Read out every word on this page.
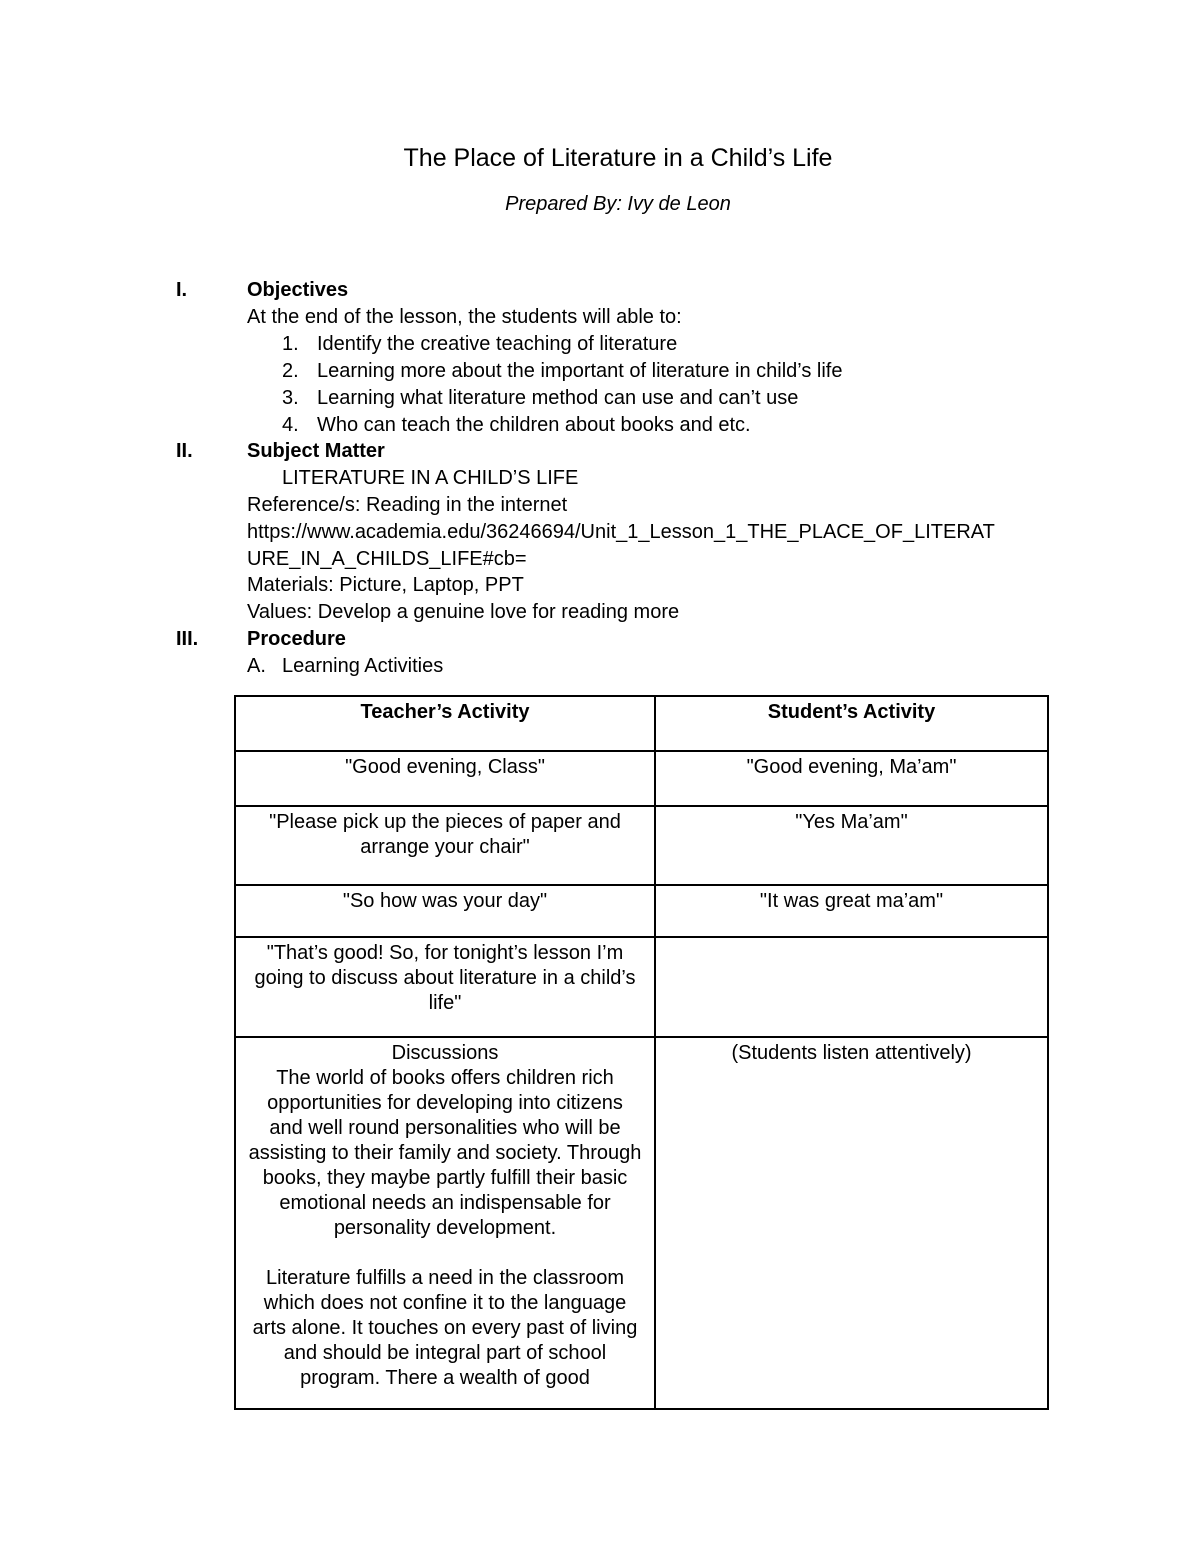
The Place of Literature in a Child’s Life
Prepared By: Ivy de Leon
I.	Objectives
At the end of the lesson, the students will able to:
1. Identify the creative teaching of literature
2. Learning more about the important of literature in child’s life
3. Learning what literature method can use and can’t use
4. Who can teach the children about books and etc.
II.	Subject Matter
LITERATURE IN A CHILD’S LIFE
Reference/s: Reading in the internet
https://www.academia.edu/36246694/Unit_1_Lesson_1_THE_PLACE_OF_LITERAT
URE_IN_A_CHILDS_LIFE#cb=
Materials: Picture, Laptop, PPT
Values: Develop a genuine love for reading more
III. Procedure
A. Learning Activities
Teacher’s Activity	Student’s Activity
"Good evening, Class"	"Good evening, Ma’am"
"Please pick up the pieces of paper and arrange your chair"	"Yes Ma’am"
"So how was your day"	"It was great ma’am"
"That’s good! So, for tonight’s lesson I’m going to discuss about literature in a child’s life"	

Discussions
The world of books offers children rich opportunities for developing into citizens and well round personalities who will be assisting to their family and society. Through books, they maybe partly fulfill their basic emotional needs an indispensable for personality development.
Literature fulfills a need in the classroom which does not confine it to the language arts alone. It touches on every past of living and should be integral part of school program. There a wealth of good	(Students listen attentively)
